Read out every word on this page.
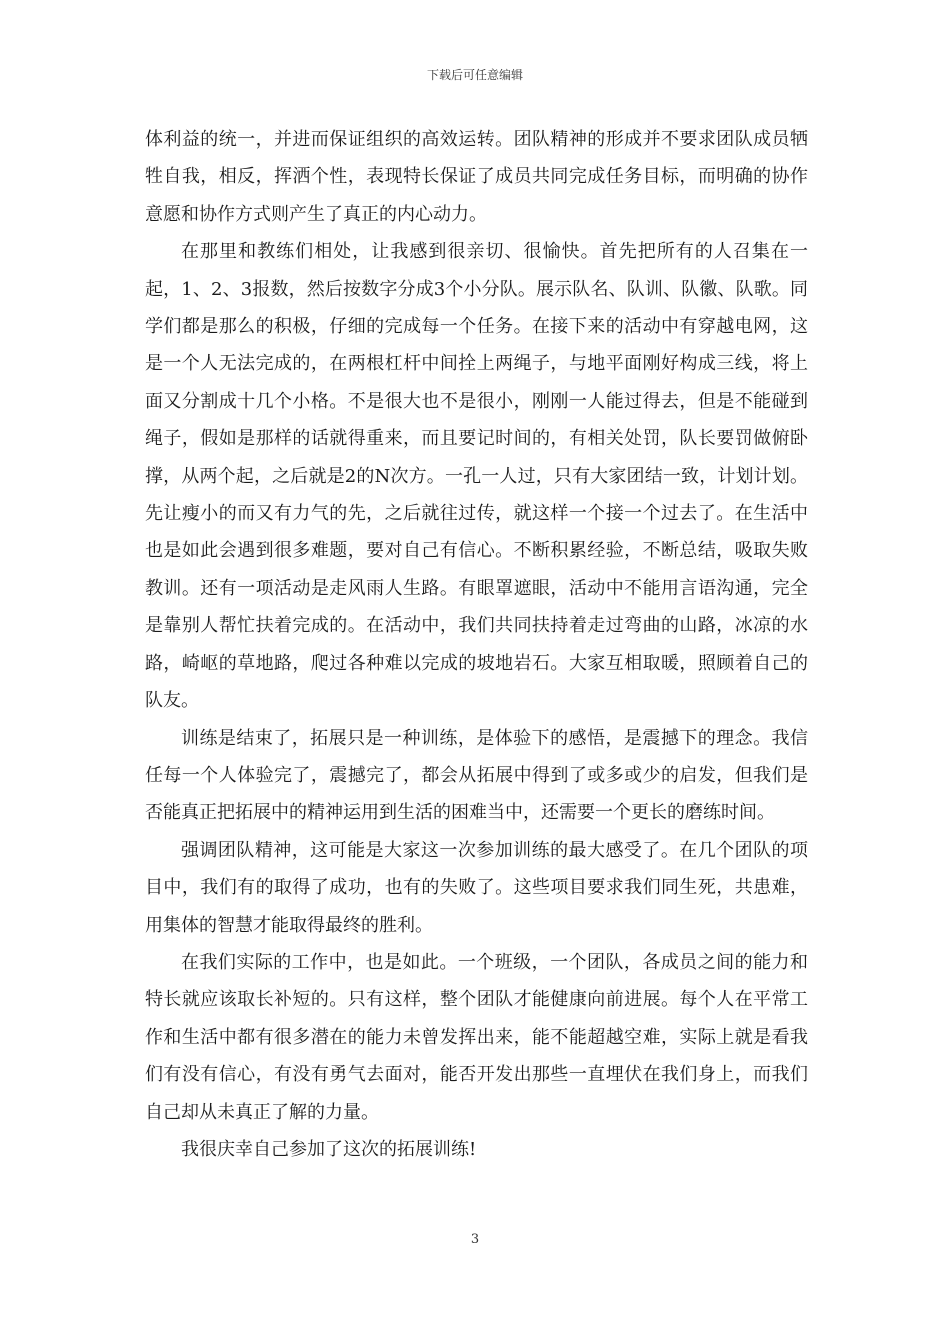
下载后可任意编辑

体利益的统一，并进而保证组织的高效运转。团队精神的形成并不要求团队成员牺牲自我，相反，挥洒个性，表现特长保证了成员共同完成任务目标，而明确的协作意愿和协作方式则产生了真正的内心动力。

在那里和教练们相处，让我感到很亲切、很愉快。首先把所有的人召集在一起，1、2、3报数，然后按数字分成3个小分队。展示队名、队训、队徽、队歌。同学们都是那么的积极，仔细的完成每一个任务。在接下来的活动中有穿越电网，这是一个人无法完成的，在两根杠杆中间拴上两绳子，与地平面刚好构成三线，将上面又分割成十几个小格。不是很大也不是很小，刚刚一人能过得去，但是不能碰到绳子，假如是那样的话就得重来，而且要记时间的，有相关处罚，队长要罚做俯卧撑，从两个起，之后就是2的N次方。一孔一人过，只有大家团结一致，计划计划。先让瘦小的而又有力气的先，之后就往过传，就这样一个接一个过去了。在生活中也是如此会遇到很多难题，要对自己有信心。不断积累经验，不断总结，吸取失败教训。还有一项活动是走风雨人生路。有眼罩遮眼，活动中不能用言语沟通，完全是靠别人帮忙扶着完成的。在活动中，我们共同扶持着走过弯曲的山路，冰凉的水路，崎岖的草地路，爬过各种难以完成的坡地岩石。大家互相取暖，照顾着自己的队友。

训练是结束了，拓展只是一种训练，是体验下的感悟，是震撼下的理念。我信任每一个人体验完了，震撼完了，都会从拓展中得到了或多或少的启发，但我们是否能真正把拓展中的精神运用到生活的困难当中，还需要一个更长的磨练时间。

强调团队精神，这可能是大家这一次参加训练的最大感受了。在几个团队的项目中，我们有的取得了成功，也有的失败了。这些项目要求我们同生死，共患难，用集体的智慧才能取得最终的胜利。

在我们实际的工作中，也是如此。一个班级，一个团队，各成员之间的能力和特长就应该取长补短的。只有这样，整个团队才能健康向前进展。每个人在平常工作和生活中都有很多潜在的能力未曾发挥出来，能不能超越空难，实际上就是看我们有没有信心，有没有勇气去面对，能否开发出那些一直埋伏在我们身上，而我们自己却从未真正了解的力量。

我很庆幸自己参加了这次的拓展训练!

3
